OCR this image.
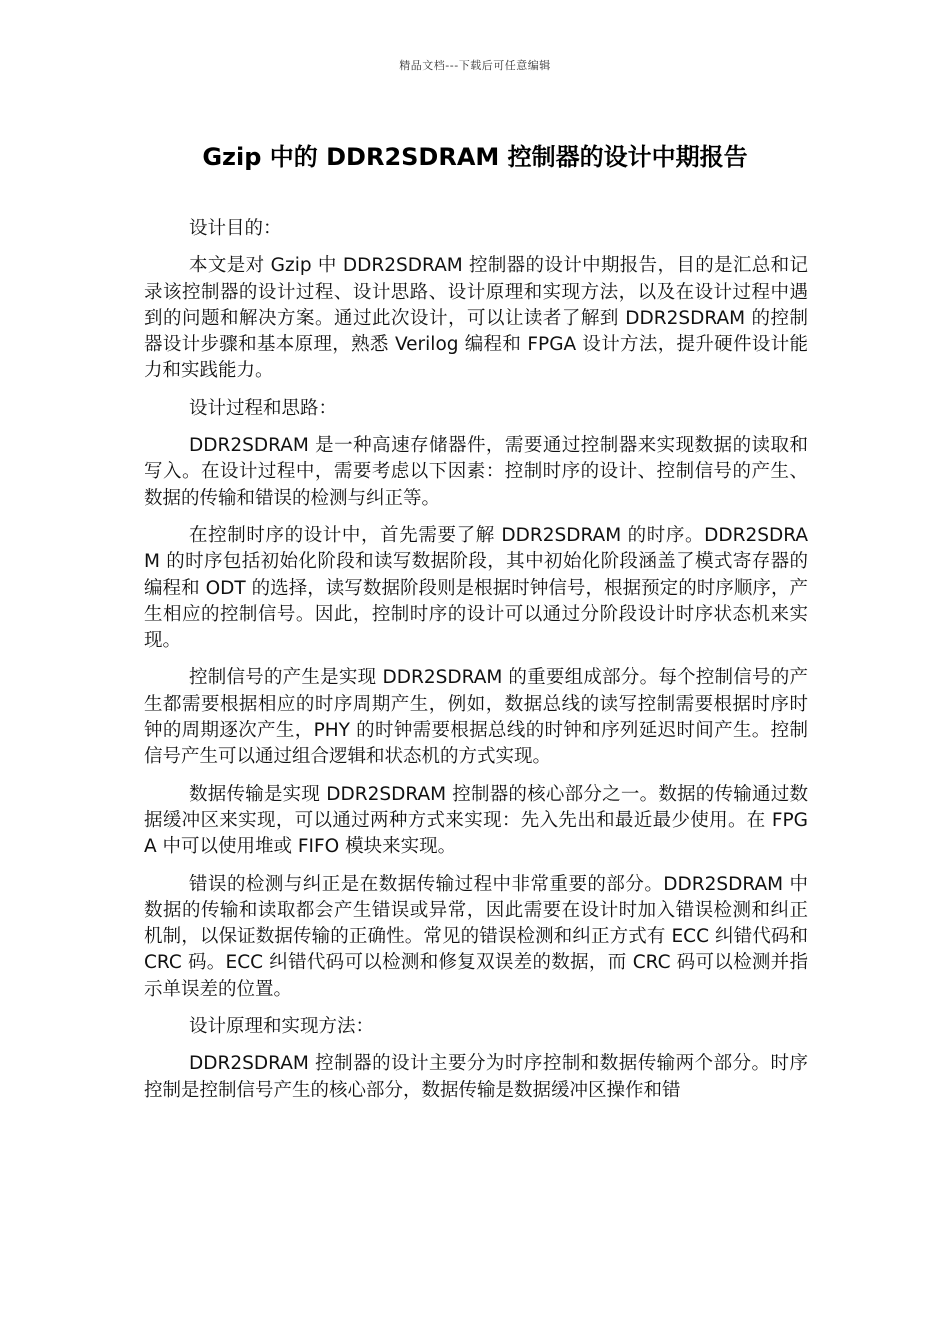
精品文档---下载后可任意编辑
Gzip 中的 DDR2SDRAM 控制器的设计中期报告

设计目的：

本文是对 Gzip 中 DDR2SDRAM 控制器的设计中期报告，目的是汇总和记录该控制器的设计过程、设计思路、设计原理和实现方法，以及在设计过程中遇到的问题和解决方案。通过此次设计，可以让读者了解到 DDR2SDRAM 的控制器设计步骤和基本原理，熟悉 Verilog 编程和 FPGA 设计方法，提升硬件设计能力和实践能力。

设计过程和思路：

DDR2SDRAM 是一种高速存储器件，需要通过控制器来实现数据的读取和写入。在设计过程中，需要考虑以下因素：控制时序的设计、控制信号的产生、数据的传输和错误的检测与纠正等。

在控制时序的设计中，首先需要了解 DDR2SDRAM 的时序。DDR2SDRAM 的时序包括初始化阶段和读写数据阶段，其中初始化阶段涵盖了模式寄存器的编程和 ODT 的选择，读写数据阶段则是根据时钟信号，根据预定的时序顺序，产生相应的控制信号。因此，控制时序的设计可以通过分阶段设计时序状态机来实现。

控制信号的产生是实现 DDR2SDRAM 的重要组成部分。每个控制信号的产生都需要根据相应的时序周期产生，例如，数据总线的读写控制需要根据时序时钟的周期逐次产生，PHY 的时钟需要根据总线的时钟和序列延迟时间产生。控制信号产生可以通过组合逻辑和状态机的方式实现。

数据传输是实现 DDR2SDRAM 控制器的核心部分之一。数据的传输通过数据缓冲区来实现，可以通过两种方式来实现：先入先出和最近最少使用。在 FPGA 中可以使用堆或 FIFO 模块来实现。

错误的检测与纠正是在数据传输过程中非常重要的部分。DDR2SDRAM 中数据的传输和读取都会产生错误或异常，因此需要在设计时加入错误检测和纠正机制，以保证数据传输的正确性。常见的错误检测和纠正方式有 ECC 纠错代码和 CRC 码。ECC 纠错代码可以检测和修复双误差的数据，而 CRC 码可以检测并指示单误差的位置。

设计原理和实现方法：

DDR2SDRAM 控制器的设计主要分为时序控制和数据传输两个部分。时序控制是控制信号产生的核心部分，数据传输是数据缓冲区操作和错
